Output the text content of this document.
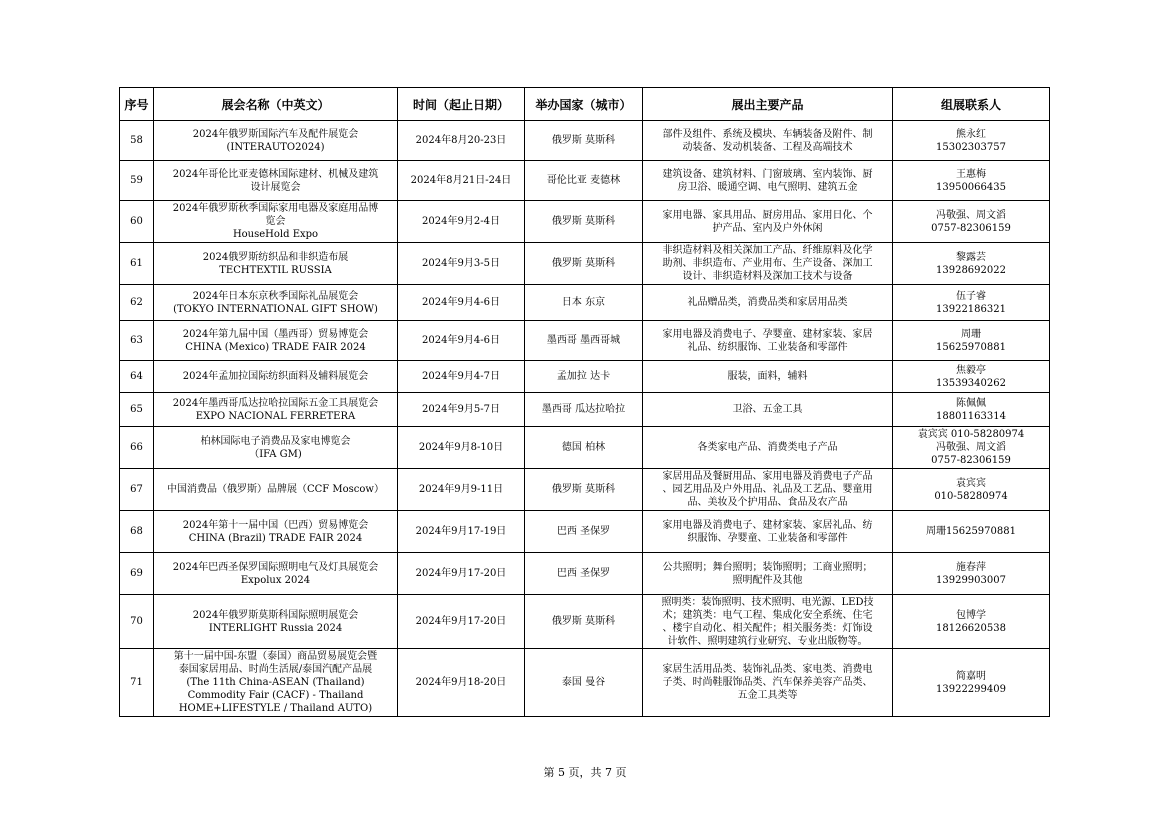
序号	展会名称（中英文）	时间（起止日期）	举办国家（城市）	展出主要产品	组展联系人
58	2024年俄罗斯国际汽车及配件展览会
(INTERAUTO2024)	2024年8月20-23日	俄罗斯 莫斯科	部件及组件、系统及模块、车辆装备及附件、制
动装备、发动机装备、工程及高端技术	熊永红
15302303757

59	2024年哥伦比亚麦德林国际建材、机械及建筑
设计展览会	2024年8月21日-24日	哥伦比亚 麦德林	建筑设备、建筑材料、门窗玻璃、室内装饰、厨
房卫浴、暖通空调、电气照明、建筑五金	王惠梅
13950066435

60	2024年俄罗斯秋季国际家用电器及家庭用品博
览会
HouseHold Expo	2024年9月2-4日	俄罗斯 莫斯科	家用电器、家具用品、厨房用品、家用日化、个
护产品、室内及户外休闲	冯敬强、周文滔
0757-82306159

61	2024俄罗斯纺织品和非织造布展
TECHTEXTIL RUSSIA	2024年9月3-5日	俄罗斯 莫斯科	非织造材料及相关深加工产品、纤维原料及化学
助剂、非织造布、产业用布、生产设备、深加工
设计、非织造材料及深加工技术与设备	黎露芸
13928692022

62	2024年日本东京秋季国际礼品展览会
(TOKYO INTERNATIONAL GIFT SHOW)	2024年9月4-6日	日本 东京	礼品赠品类，消费品类和家居用品类	伍子睿
13922186321

63	2024年第九届中国（墨西哥）贸易博览会
CHINA (Mexico) TRADE FAIR 2024	2024年9月4-6日	墨西哥 墨西哥城	家用电器及消费电子、孕婴童、建材家装、家居
礼品、纺织服饰、工业装备和零部件	周珊
15625970881

64	2024年孟加拉国际纺织面料及辅料展览会	2024年9月4-7日	孟加拉 达卡	服装，面料，辅料	焦毅亭
13539340262

65	2024年墨西哥瓜达拉哈拉国际五金工具展览会
EXPO NACIONAL FERRETERA	2024年9月5-7日	墨西哥 瓜达拉哈拉	卫浴、五金工具	陈佩佩
18801163314

66	柏林国际电子消费品及家电博览会
（IFA GM)	2024年9月8-10日	德国 柏林	各类家电产品、消费类电子产品	袁宾宾 010-58280974
冯敬强、周文滔
0757-82306159

67	中国消费品（俄罗斯）品牌展（CCF Moscow）	2024年9月9-11日	俄罗斯 莫斯科	家居用品及餐厨用品、家用电器及消费电子产品
、园艺用品及户外用品、礼品及工艺品、婴童用
品、美妆及个护用品、食品及农产品	袁宾宾
010-58280974

68	2024年第十一届中国（巴西）贸易博览会
CHINA (Brazil) TRADE FAIR 2024	2024年9月17-19日	巴西 圣保罗	家用电器及消费电子、建材家装、家居礼品、纺
织服饰、孕婴童、工业装备和零部件	周珊15625970881

69	2024年巴西圣保罗国际照明电气及灯具展览会
Expolux 2024	2024年9月17-20日	巴西 圣保罗	公共照明；舞台照明；装饰照明；工商业照明；
照明配件及其他	施春萍
13929903007

70	2024年俄罗斯莫斯科国际照明展览会
INTERLIGHT Russia 2024	2024年9月17-20日	俄罗斯 莫斯科	照明类：装饰照明、技术照明、电光源、LED技
术；建筑类：电气工程、集成化安全系统、住宅
、楼宇自动化、相关配件；相关服务类：灯饰设
计软件、照明建筑行业研究、专业出版物等。	包博学
18126620538

71	第十一届中国-东盟（泰国）商品贸易展览会暨
泰国家居用品、时尚生活展/泰国汽配产品展
(The 11th China-ASEAN (Thailand)
Commodity Fair (CACF) - Thailand
HOME+LIFESTYLE / Thailand AUTO)	2024年9月18-20日	泰国 曼谷	家居生活用品类、装饰礼品类、家电类、消费电
子类、时尚鞋服饰品类、汽车保养美容产品类、
五金工具类等	简嘉明
13922299409
第 5 页，共 7 页
